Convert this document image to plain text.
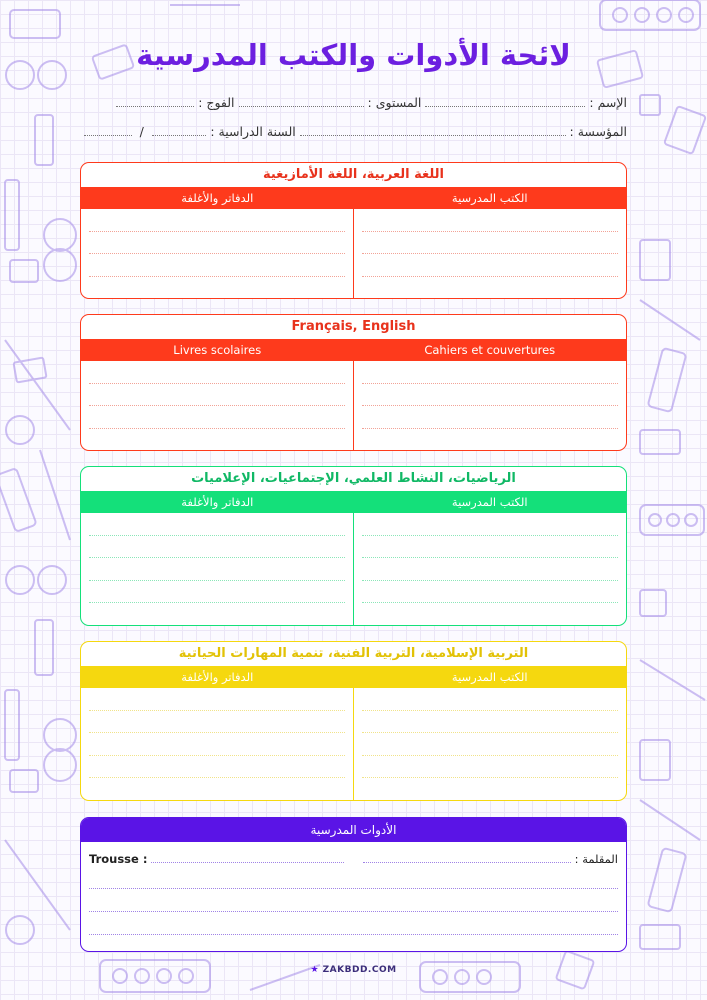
لائحة الأدوات والكتب المدرسية
الإسم :
المستوى :
الفوج :
المؤسسة :
السنة الدراسية :
/
اللغة العربية، اللغة الأمازيغية
الكتب المدرسية
الدفاتر والأغلفة
Français, English
Cahiers et couvertures
Livres scolaires
الرياضيات، النشاط العلمي، الإجتماعيات، الإعلاميات
الكتب المدرسية
الدفاتر والأغلفة
التربية الإسلامية، التربية الفنية، تنمية المهارات الحياتية
الكتب المدرسية
الدفاتر والأغلفة
الأدوات المدرسية
Trousse :	المقلمة :
★ ZAKBDD.COM
